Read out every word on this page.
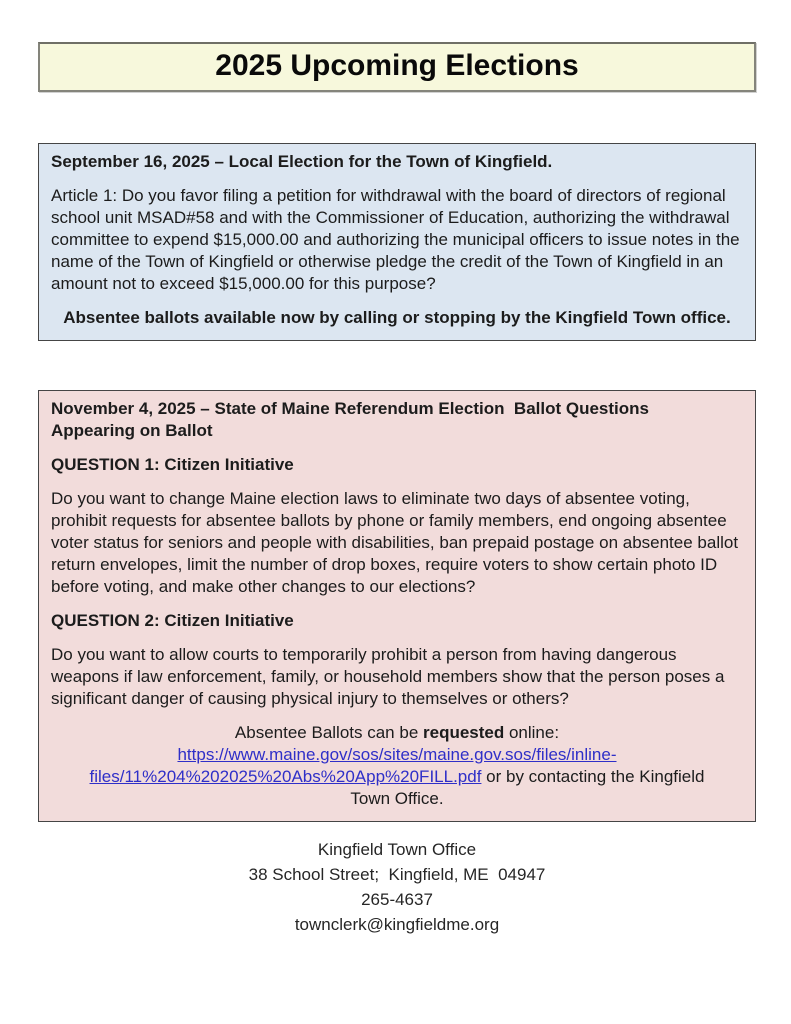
2025 Upcoming Elections

September 16, 2025 – Local Election for the Town of Kingfield.

Article 1: Do you favor filing a petition for withdrawal with the board of directors of regional school unit MSAD#58 and with the Commissioner of Education, authorizing the withdrawal committee to expend $15,000.00 and authorizing the municipal officers to issue notes in the name of the Town of Kingfield or otherwise pledge the credit of the Town of Kingfield in an amount not to exceed $15,000.00 for this purpose?

Absentee ballots available now by calling or stopping by the Kingfield Town office.

November 4, 2025 – State of Maine Referendum Election  Ballot Questions
Appearing on Ballot

QUESTION 1: Citizen Initiative

Do you want to change Maine election laws to eliminate two days of absentee voting, prohibit requests for absentee ballots by phone or family members, end ongoing absentee voter status for seniors and people with disabilities, ban prepaid postage on absentee ballot return envelopes, limit the number of drop boxes, require voters to show certain photo ID before voting, and make other changes to our elections?

QUESTION 2: Citizen Initiative

Do you want to allow courts to temporarily prohibit a person from having dangerous weapons if law enforcement, family, or household members show that the person poses a significant danger of causing physical injury to themselves or others?

Absentee Ballots can be requested online:
https://www.maine.gov/sos/sites/maine.gov.sos/files/inline-
files/11%204%202025%20Abs%20App%20FILL.pdf or by contacting the Kingfield
Town Office.

Kingfield Town Office
38 School Street;  Kingfield, ME  04947
265-4637
townclerk@kingfieldme.org
